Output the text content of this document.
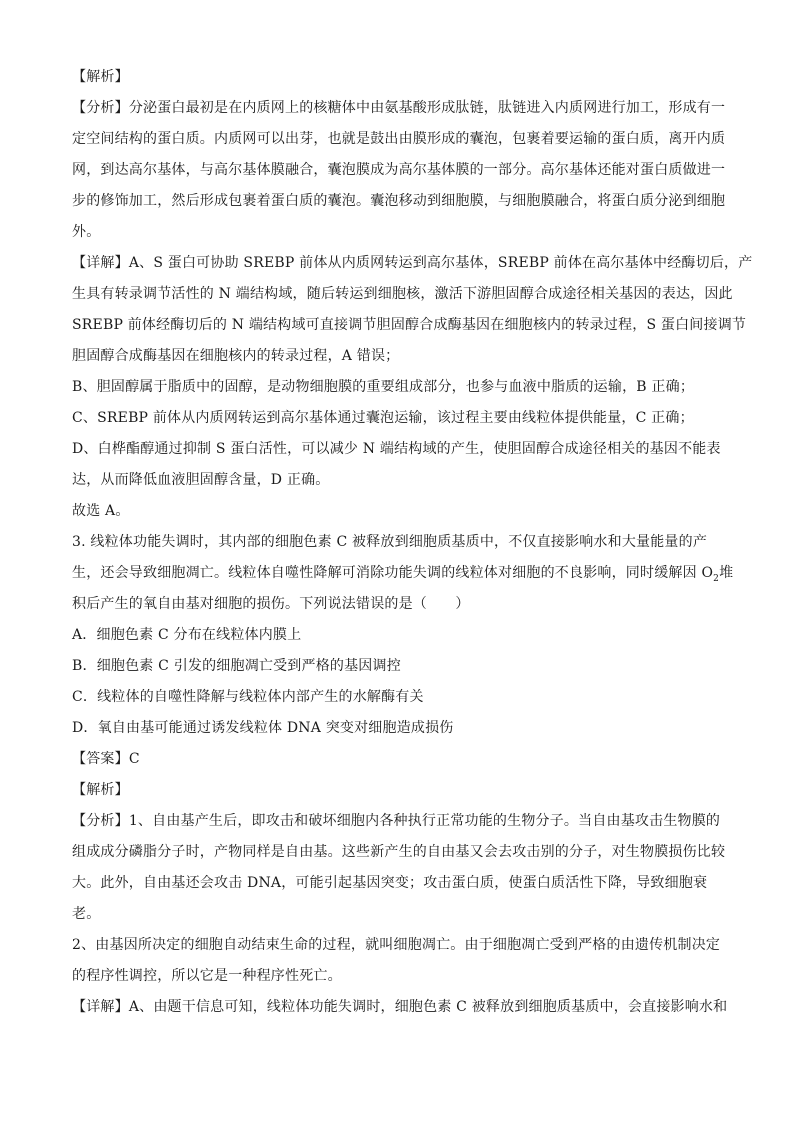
【解析】
【分析】分泌蛋白最初是在内质网上的核糖体中由氨基酸形成肽链，肽链进入内质网进行加工，形成有一
定空间结构的蛋白质。内质网可以出芽，也就是鼓出由膜形成的囊泡，包裹着要运输的蛋白质，离开内质
网，到达高尔基体，与高尔基体膜融合，囊泡膜成为高尔基体膜的一部分。高尔基体还能对蛋白质做进一
步的修饰加工，然后形成包裹着蛋白质的囊泡。囊泡移动到细胞膜，与细胞膜融合，将蛋白质分泌到细胞
外。
【详解】A、S 蛋白可协助 SREBP 前体从内质网转运到高尔基体，SREBP 前体在高尔基体中经酶切后，产
生具有转录调节活性的 N 端结构域，随后转运到细胞核，激活下游胆固醇合成途径相关基因的表达，因此
SREBP 前体经酶切后的 N 端结构域可直接调节胆固醇合成酶基因在细胞核内的转录过程，S 蛋白间接调节
胆固醇合成酶基因在细胞核内的转录过程，A 错误；
B、胆固醇属于脂质中的固醇，是动物细胞膜的重要组成部分，也参与血液中脂质的运输，B 正确；
C、SREBP 前体从内质网转运到高尔基体通过囊泡运输，该过程主要由线粒体提供能量，C 正确；
D、白桦酯醇通过抑制 S 蛋白活性，可以减少 N 端结构域的产生，使胆固醇合成途径相关的基因不能表
达，从而降低血液胆固醇含量，D 正确。
故选 A。
3. 线粒体功能失调时，其内部的细胞色素 C 被释放到细胞质基质中，不仅直接影响水和大量能量的产
生，还会导致细胞凋亡。线粒体自噬性降解可消除功能失调的线粒体对细胞的不良影响，同时缓解因 $O_2$堆
积后产生的氧自由基对细胞的损伤。下列说法错误的是（　　）
A．细胞色素 C 分布在线粒体内膜上
B．细胞色素 C 引发的细胞凋亡受到严格的基因调控
C．线粒体的自噬性降解与线粒体内部产生的水解酶有关
D．氧自由基可能通过诱发线粒体 DNA 突变对细胞造成损伤
【答案】C
【解析】
【分析】1、自由基产生后，即攻击和破坏细胞内各种执行正常功能的生物分子。当自由基攻击生物膜的
组成成分磷脂分子时，产物同样是自由基。这些新产生的自由基又会去攻击别的分子，对生物膜损伤比较
大。此外，自由基还会攻击 DNA，可能引起基因突变；攻击蛋白质，使蛋白质活性下降，导致细胞衰
老。
2、由基因所决定的细胞自动结束生命的过程，就叫细胞凋亡。由于细胞凋亡受到严格的由遗传机制决定
的程序性调控，所以它是一种程序性死亡。
【详解】A、由题干信息可知，线粒体功能失调时，细胞色素 C 被释放到细胞质基质中，会直接影响水和
